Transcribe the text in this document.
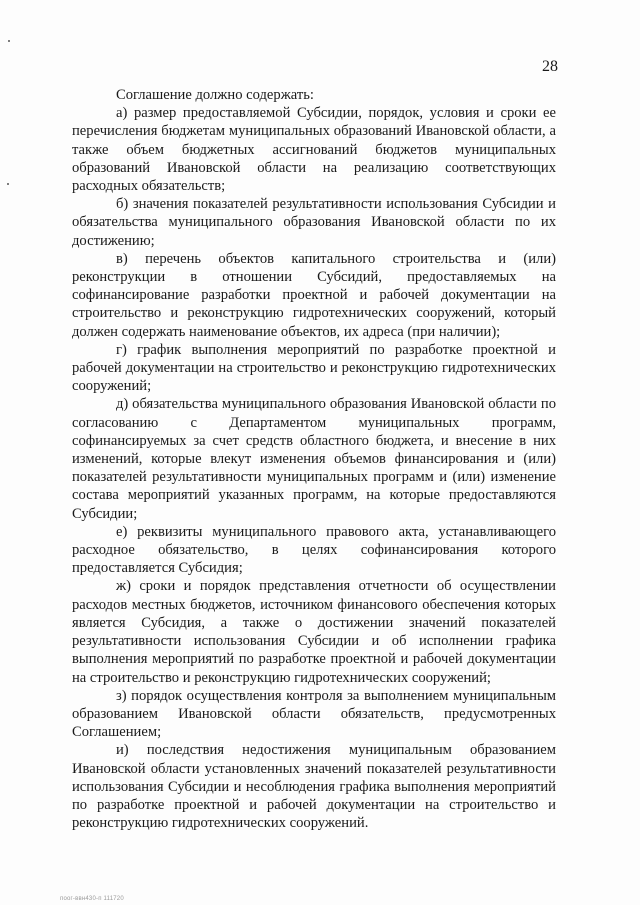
28

Соглашение должно содержать:

а) размер предоставляемой Субсидии, порядок, условия и сроки ее перечисления бюджетам муниципальных образований Ивановской области, а также объем бюджетных ассигнований бюджетов муниципальных образований Ивановской области на реализацию соответствующих расходных обязательств;

б) значения показателей результативности использования Субсидии и обязательства муниципального образования Ивановской области по их достижению;

в) перечень объектов капитального строительства и (или) реконструкции в отношении Субсидий, предоставляемых на софинансирование разработки проектной и рабочей документации на строительство и реконструкцию гидротехнических сооружений, который должен содержать наименование объектов, их адреса (при наличии);

г) график выполнения мероприятий по разработке проектной и рабочей документации на строительство и реконструкцию гидротехнических сооружений;

д) обязательства муниципального образования Ивановской области по согласованию с Департаментом муниципальных программ, софинансируемых за счет средств областного бюджета, и внесение в них изменений, которые влекут изменения объемов финансирования и (или) показателей результативности муниципальных программ и (или) изменение состава мероприятий указанных программ, на которые предоставляются Субсидии;

е) реквизиты муниципального правового акта, устанавливающего расходное обязательство, в целях софинансирования которого предоставляется Субсидия;

ж) сроки и порядок представления отчетности об осуществлении расходов местных бюджетов, источником финансового обеспечения которых является Субсидия, а также о достижении значений показателей результативности использования Субсидии и об исполнении графика выполнения мероприятий по разработке проектной и рабочей документации на строительство и реконструкцию гидротехнических сооружений;

з) порядок осуществления контроля за выполнением муниципальным образованием Ивановской области обязательств, предусмотренных Соглашением;

и) последствия недостижения муниципальным образованием Ивановской области установленных значений показателей результативности использования Субсидии и несоблюдения графика выполнения мероприятий по разработке проектной и рабочей документации на строительство и реконструкцию гидротехнических сооружений.

поог-ввн430-п 111720
